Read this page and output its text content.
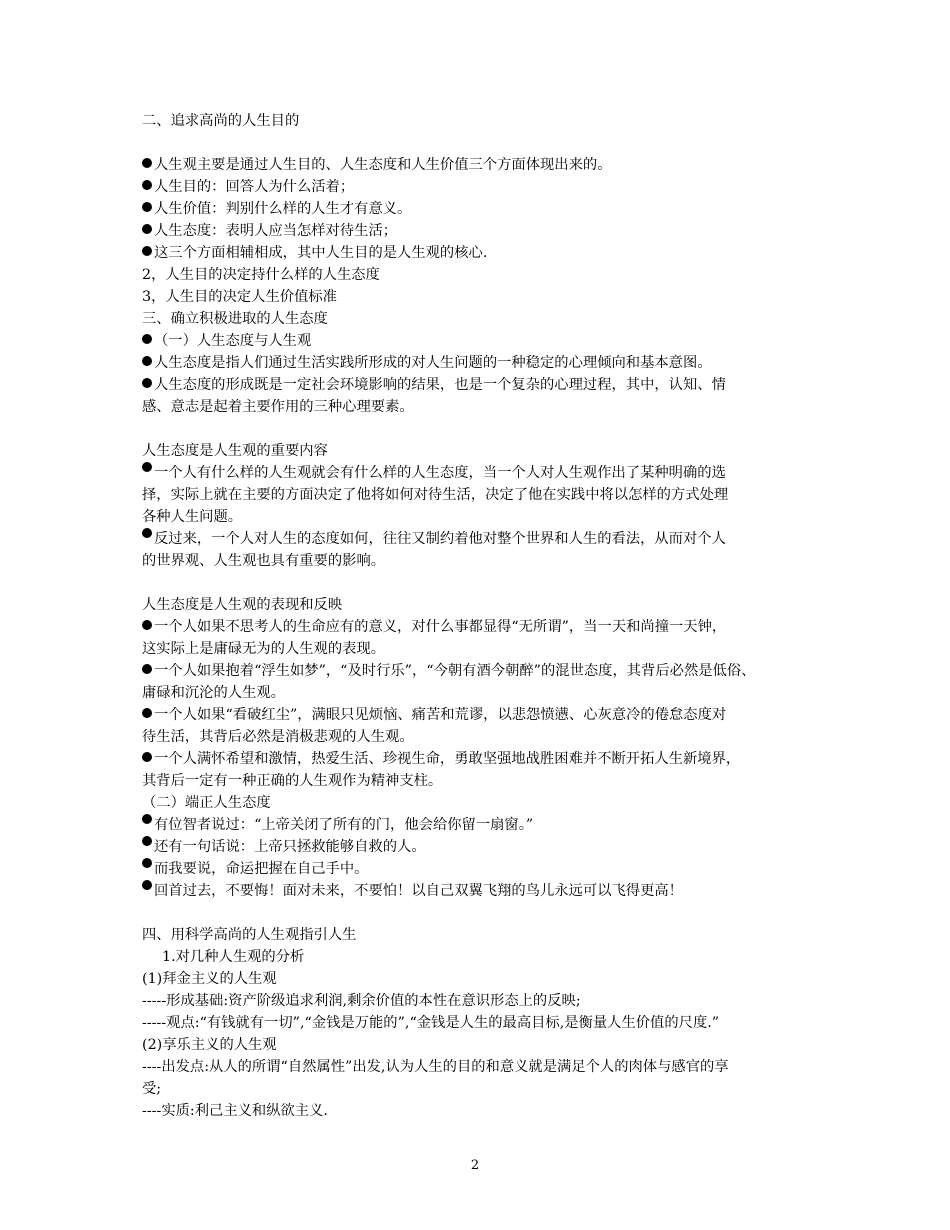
二、追求高尚的人生目的
人生观主要是通过人生目的、人生态度和人生价值三个方面体现出来的。
人生目的：回答人为什么活着；
人生价值：判别什么样的人生才有意义。
人生态度：表明人应当怎样对待生活；
这三个方面相辅相成，其中人生目的是人生观的核心.
2，人生目的决定持什么样的人生态度
3，人生目的决定人生价值标准
三、确立积极进取的人生态度
（一）人生态度与人生观
人生态度是指人们通过生活实践所形成的对人生问题的一种稳定的心理倾向和基本意图。
人生态度的形成既是一定社会环境影响的结果，也是一个复杂的心理过程，其中，认知、情
感、意志是起着主要作用的三种心理要素。
人生态度是人生观的重要内容
一个人有什么样的人生观就会有什么样的人生态度，当一个人对人生观作出了某种明确的选
择，实际上就在主要的方面决定了他将如何对待生活，决定了他在实践中将以怎样的方式处理
各种人生问题。
反过来，一个人对人生的态度如何，往往又制约着他对整个世界和人生的看法，从而对个人
的世界观、人生观也具有重要的影响。
人生态度是人生观的表现和反映
一个人如果不思考人的生命应有的意义，对什么事都显得“无所谓”，当一天和尚撞一天钟，
这实际上是庸碌无为的人生观的表现。
一个人如果抱着“浮生如梦”，“及时行乐”，“今朝有酒今朝醉”的混世态度，其背后必然是低俗、
庸碌和沉沦的人生观。
一个人如果“看破红尘”，满眼只见烦恼、痛苦和荒谬，以悲怨愤懑、心灰意冷的倦怠态度对
待生活，其背后必然是消极悲观的人生观。
一个人满怀希望和激情，热爱生活、珍视生命，勇敢坚强地战胜困难并不断开拓人生新境界，
其背后一定有一种正确的人生观作为精神支柱。
（二）端正人生态度
有位智者说过：“上帝关闭了所有的门，他会给你留一扇窗。”
还有一句话说：上帝只拯救能够自救的人。
而我要说，命运把握在自己手中。
回首过去，不要悔！面对未来，不要怕！以自己双翼飞翔的鸟儿永远可以飞得更高！
四、用科学高尚的人生观指引人生
1.对几种人生观的分析
(1)拜金主义的人生观
-----形成基础:资产阶级追求利润,剩余价值的本性在意识形态上的反映;
-----观点:“有钱就有一切”,“金钱是万能的”,“金钱是人生的最高目标,是衡量人生价值的尺度.”
(2)享乐主义的人生观
----出发点:从人的所谓“自然属性”出发,认为人生的目的和意义就是满足个人的肉体与感官的享
受;
----实质:利己主义和纵欲主义.
2
